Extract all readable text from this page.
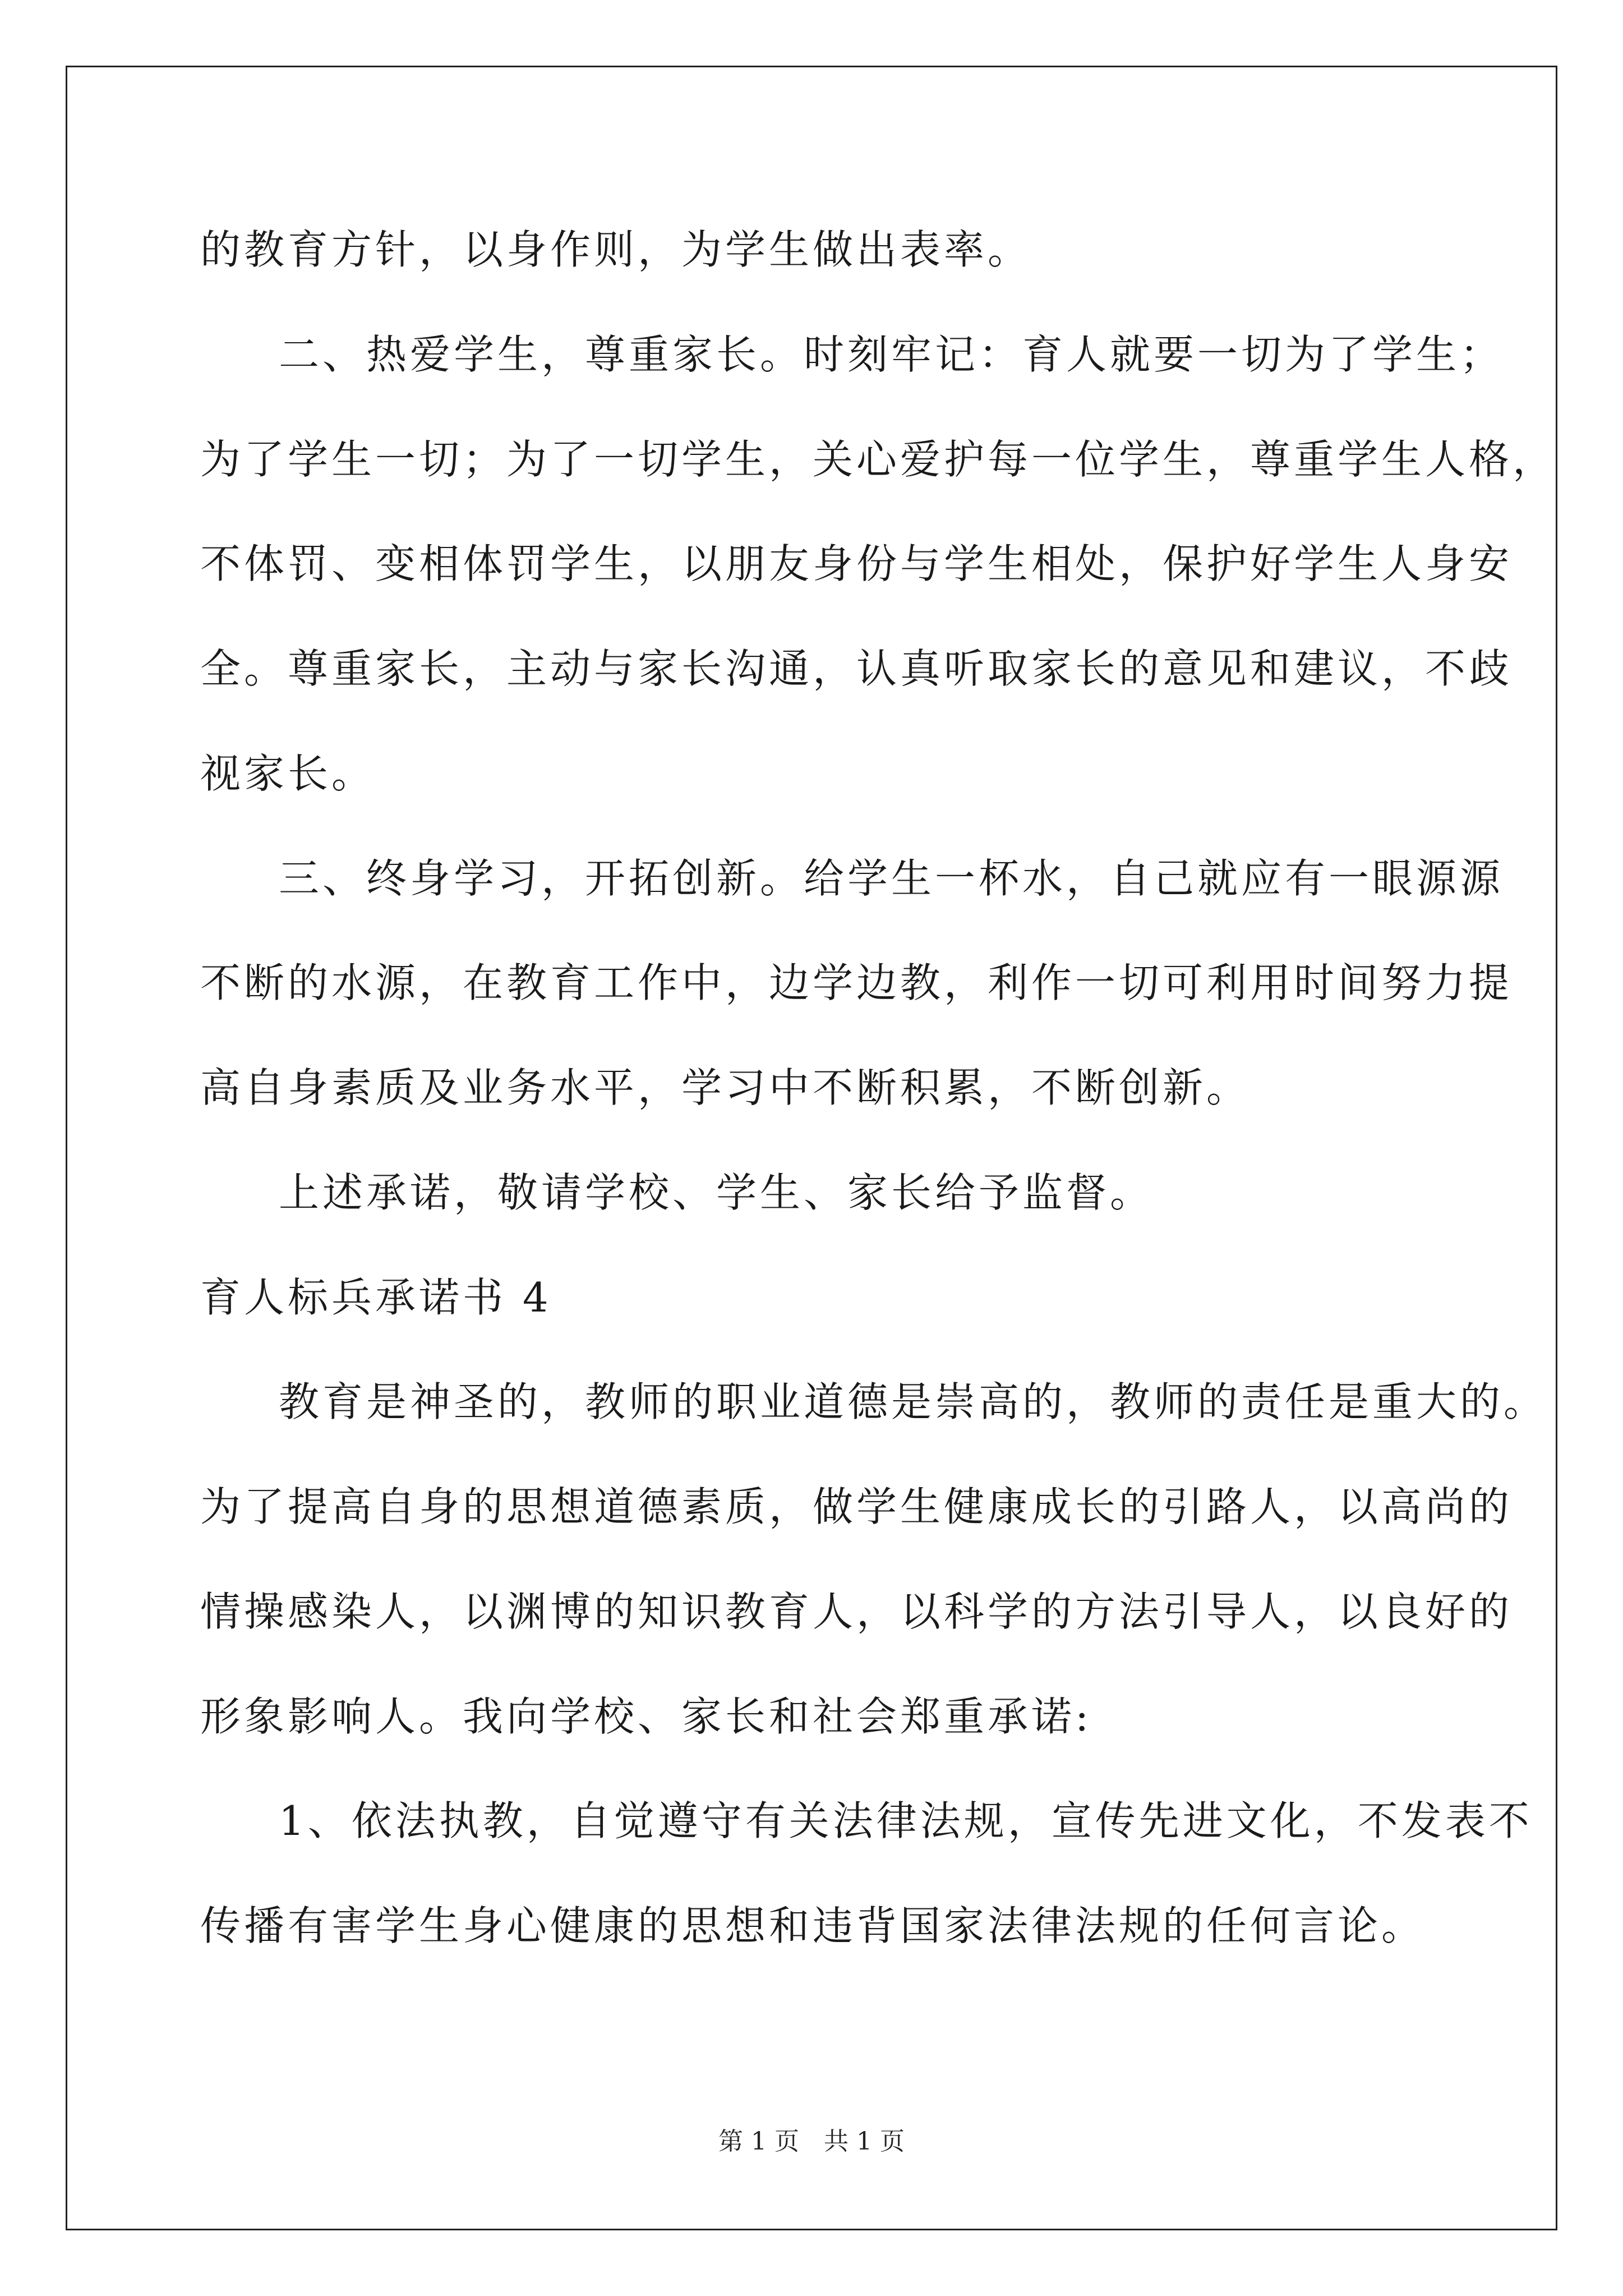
的教育方针，以身作则，为学生做出表率。
二、热爱学生，尊重家长。时刻牢记：育人就要一切为了学生；
为了学生一切；为了一切学生，关心爱护每一位学生，尊重学生人格，
不体罚、变相体罚学生，以朋友身份与学生相处，保护好学生人身安
全。尊重家长，主动与家长沟通，认真听取家长的意见和建议，不歧
视家长。
三、终身学习，开拓创新。给学生一杯水，自己就应有一眼源源
不断的水源，在教育工作中，边学边教，利作一切可利用时间努力提
高自身素质及业务水平，学习中不断积累，不断创新。
上述承诺，敬请学校、学生、家长给予监督。
育人标兵承诺书 4
教育是神圣的，教师的职业道德是崇高的，教师的责任是重大的。
为了提高自身的思想道德素质，做学生健康成长的引路人，以高尚的
情操感染人，以渊博的知识教育人，以科学的方法引导人，以良好的
形象影响人。我向学校、家长和社会郑重承诺:
1、依法执教，自觉遵守有关法律法规，宣传先进文化，不发表不
传播有害学生身心健康的思想和违背国家法律法规的任何言论。
第 1 页　共 1 页
